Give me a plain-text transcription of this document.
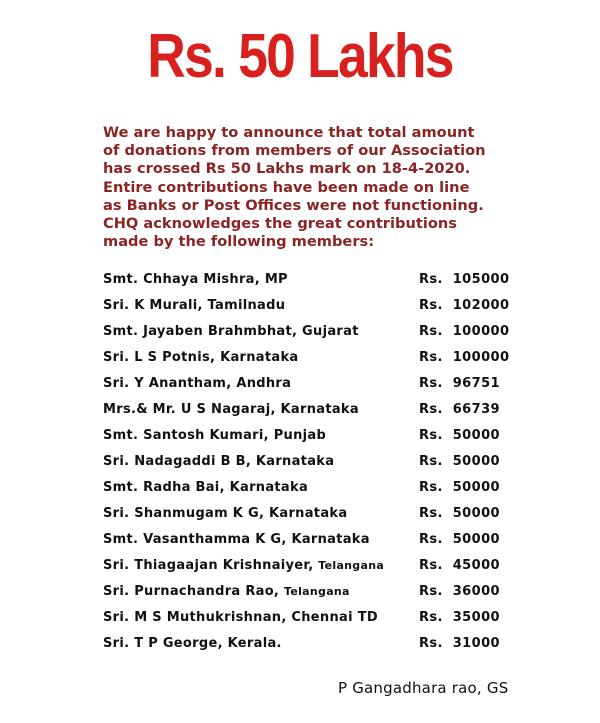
Rs. 50 Lakhs
We are happy to announce that total amount
of donations from members of our Association
has crossed Rs 50 Lakhs mark on 18-4-2020.
Entire contributions have been made on line
as Banks or Post Offices were not functioning.
CHQ acknowledges the great contributions
made by the following members:
Smt. Chhaya Mishra, MP	Rs.  105000
Sri. K Murali, Tamilnadu	Rs.  102000
Smt. Jayaben Brahmbhat, Gujarat	Rs.  100000
Sri. L S Potnis, Karnataka	Rs.  100000
Sri. Y Anantham, Andhra	Rs.  96751
Mrs.& Mr. U S Nagaraj, Karnataka	Rs.  66739
Smt. Santosh Kumari, Punjab	Rs.  50000
Sri. Nadagaddi B B, Karnataka	Rs.  50000
Smt. Radha Bai, Karnataka	Rs.  50000
Sri. Shanmugam K G, Karnataka	Rs.  50000
Smt. Vasanthamma K G, Karnataka	Rs.  50000
Sri. Thiagaajan Krishnaiyer, Telangana	Rs.  45000
Sri. Purnachandra Rao, Telangana	Rs.  36000
Sri. M S Muthukrishnan, Chennai TD	Rs.  35000
Sri. T P George, Kerala.	Rs.  31000
P Gangadhara rao, GS
